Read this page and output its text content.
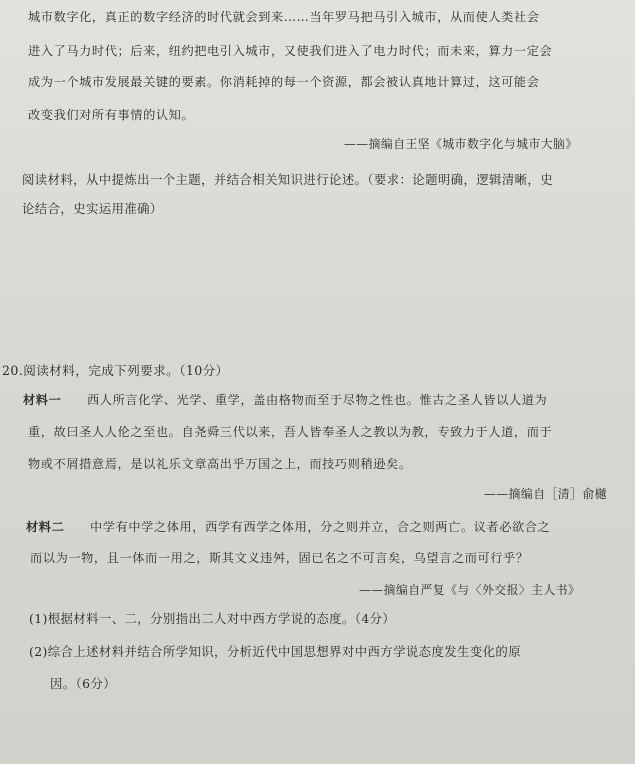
城市数字化，真正的数字经济的时代就会到来……当年罗马把马引入城市，从而使人类社会
进入了马力时代；后来，纽约把电引入城市，又使我们进入了电力时代；而未来，算力一定会
成为一个城市发展最关键的要素。你消耗掉的每一个资源，都会被认真地计算过，这可能会
改变我们对所有事情的认知。
——摘编自王坚《城市数字化与城市大脑》
阅读材料，从中提炼出一个主题，并结合相关知识进行论述。（要求：论题明确，逻辑清晰，史
论结合，史实运用准确）
20.阅读材料，完成下列要求。（10分）
材料一 西人所言化学、光学、重学，盖由格物而至于尽物之性也。惟古之圣人皆以人道为
重，故曰圣人人伦之至也。自尧舜三代以来，吾人皆奉圣人之教以为教，专致力于人道，而于
物或不屑措意焉，是以礼乐文章高出乎万国之上，而技巧则稍逊矣。
——摘编自［清］俞樾
材料二 中学有中学之体用，西学有西学之体用，分之则并立，合之则两亡。议者必欲合之
而以为一物，且一体而一用之，斯其文义违舛，固已名之不可言矣，乌望言之而可行乎？
——摘编自严复《与〈外交报〉主人书》
(1)根据材料一、二，分别指出二人对中西方学说的态度。（4分）
(2)综合上述材料并结合所学知识，分析近代中国思想界对中西方学说态度发生变化的原
因。（6分）
